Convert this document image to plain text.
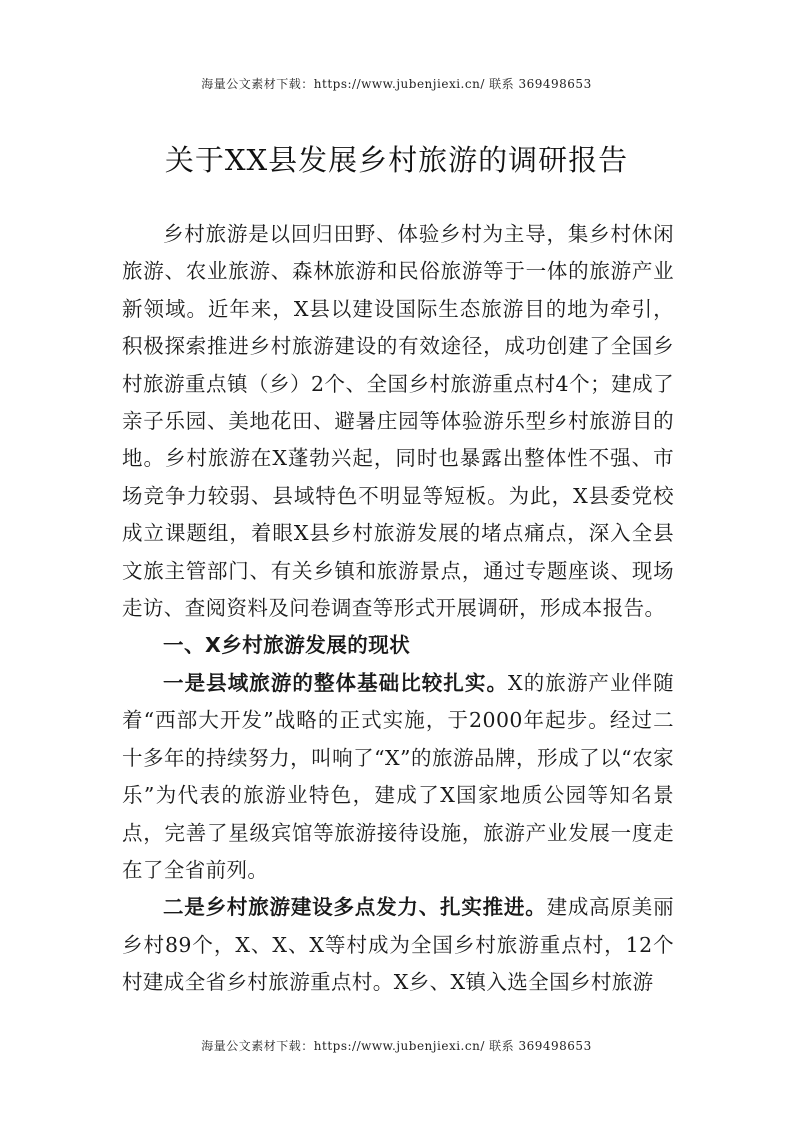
海量公文素材下载：https://www.jubenjiexi.cn/ 联系 369498653
关于XX县发展乡村旅游的调研报告

乡村旅游是以回归田野、体验乡村为主导，集乡村休闲旅游、农业旅游、森林旅游和民俗旅游等于一体的旅游产业新领域。近年来，X县以建设国际生态旅游目的地为牵引，积极探索推进乡村旅游建设的有效途径，成功创建了全国乡村旅游重点镇（乡）2个、全国乡村旅游重点村4个；建成了亲子乐园、美地花田、避暑庄园等体验游乐型乡村旅游目的地。乡村旅游在X蓬勃兴起，同时也暴露出整体性不强、市场竞争力较弱、县域特色不明显等短板。为此，X县委党校成立课题组，着眼X县乡村旅游发展的堵点痛点，深入全县文旅主管部门、有关乡镇和旅游景点，通过专题座谈、现场走访、查阅资料及问卷调查等形式开展调研，形成本报告。

一、X乡村旅游发展的现状

一是县域旅游的整体基础比较扎实。X的旅游产业伴随着“西部大开发”战略的正式实施，于2000年起步。经过二十多年的持续努力，叫响了“X”的旅游品牌，形成了以“农家乐”为代表的旅游业特色，建成了X国家地质公园等知名景点，完善了星级宾馆等旅游接待设施，旅游产业发展一度走在了全省前列。

二是乡村旅游建设多点发力、扎实推进。建成高原美丽乡村89个，X、X、X等村成为全国乡村旅游重点村，12个村建成全省乡村旅游重点村。X乡、X镇入选全国乡村旅游

海量公文素材下载：https://www.jubenjiexi.cn/ 联系 369498653
